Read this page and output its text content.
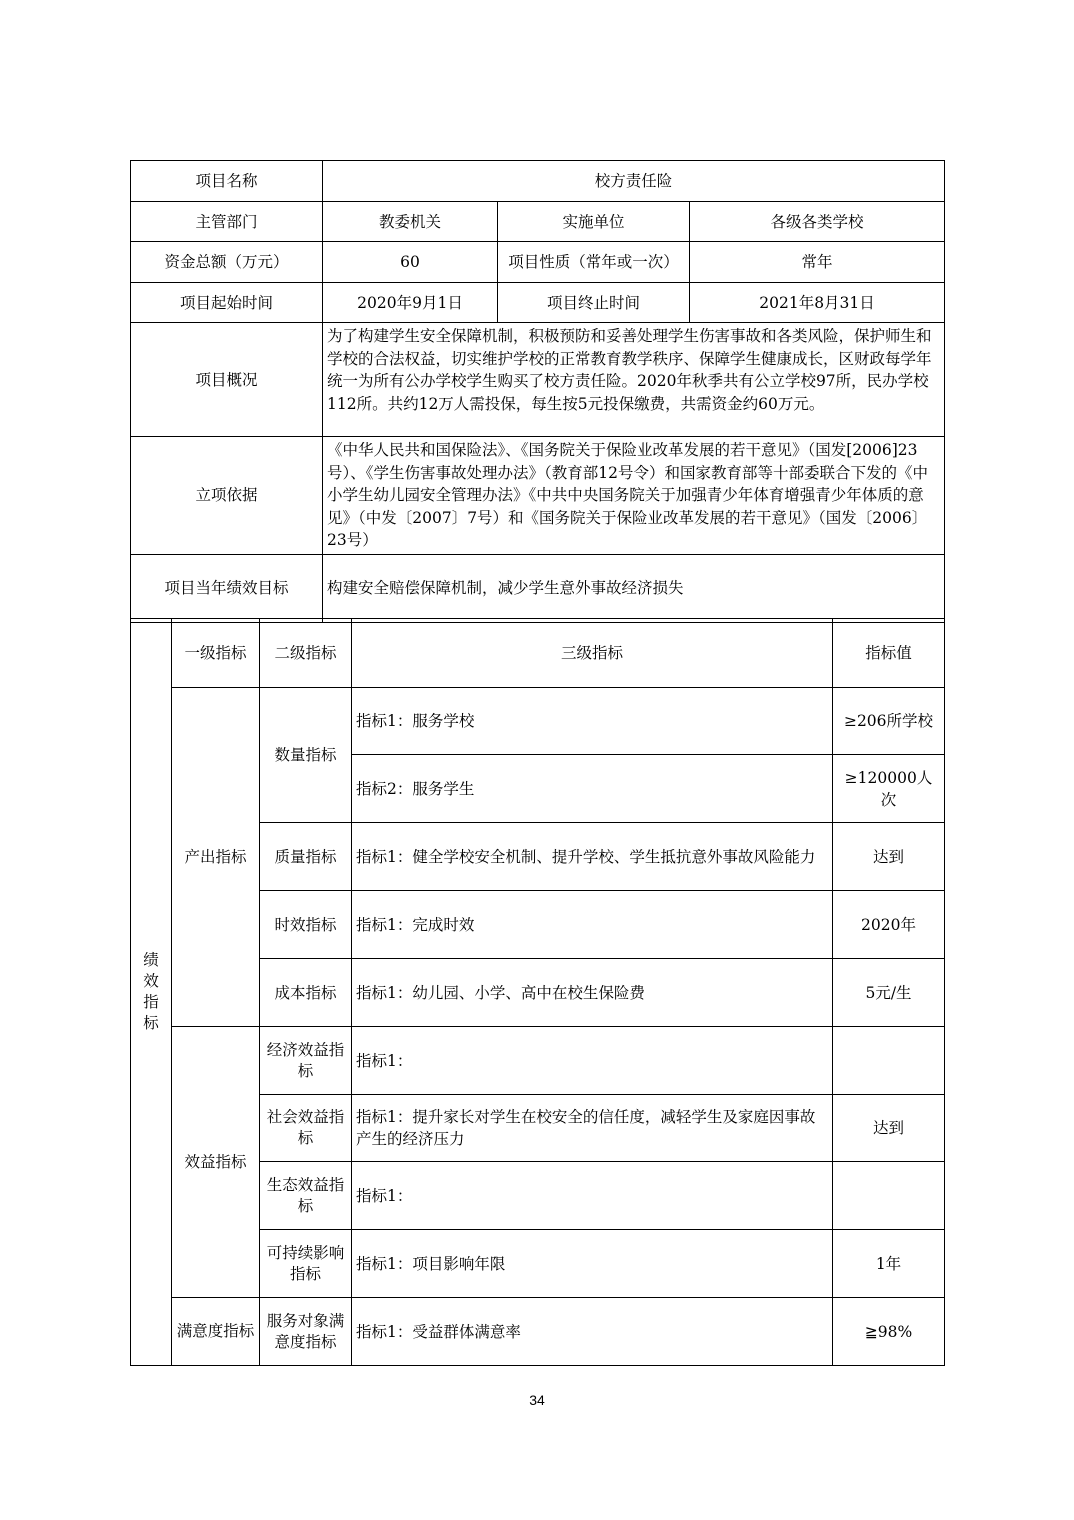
项目名称	校方责任险		
主管部门	教委机关	实施单位	各级各类学校
资金总额（万元）	60	项目性质（常年或一次）	常年
项目起始时间	2020年9月1日	项目终止时间	2021年8月31日
项目概况	为了构建学生安全保障机制，积极预防和妥善处理学生伤害事故和各类风险，保护师生和学校的合法权益，切实维护学校的正常教育教学秩序、保障学生健康成长，区财政每学年统一为所有公办学校学生购买了校方责任险。2020年秋季共有公立学校97所，民办学校112所。共约12万人需投保，每生按5元投保缴费，共需资金约60万元。		
立项依据	《中华人民共和国保险法》、《国务院关于保险业改革发展的若干意见》（国发[2006]23号）、《学生伤害事故处理办法》（教育部12号令）和国家教育部等十部委联合下发的《中小学生幼儿园安全管理办法》《中共中央国务院关于加强青少年体育增强青少年体质的意见》（中发〔2007〕7号）和《国务院关于保险业改革发展的若干意见》（国发〔2006〕23号）		
项目当年绩效目标	构建安全赔偿保障机制，减少学生意外事故经济损失		
绩效指标	一级指标	二级指标	三级指标	指标值
	产出指标	数量指标	指标1：服务学校	≥206所学校
			指标2：服务学生	≥120000人次
		质量指标	指标1：健全学校安全机制、提升学校、学生抵抗意外事故风险能力	达到
		时效指标	指标1：完成时效	2020年
		成本指标	指标1：幼儿园、小学、高中在校生保险费	5元/生
	效益指标	经济效益指标	指标1：	
		社会效益指标	指标1：提升家长对学生在校安全的信任度，减轻学生及家庭因事故产生的经济压力	达到
		生态效益指标	指标1：	
		可持续影响指标	指标1：项目影响年限	1年
	满意度指标	服务对象满意度指标	指标1：受益群体满意率	≧98%
34
